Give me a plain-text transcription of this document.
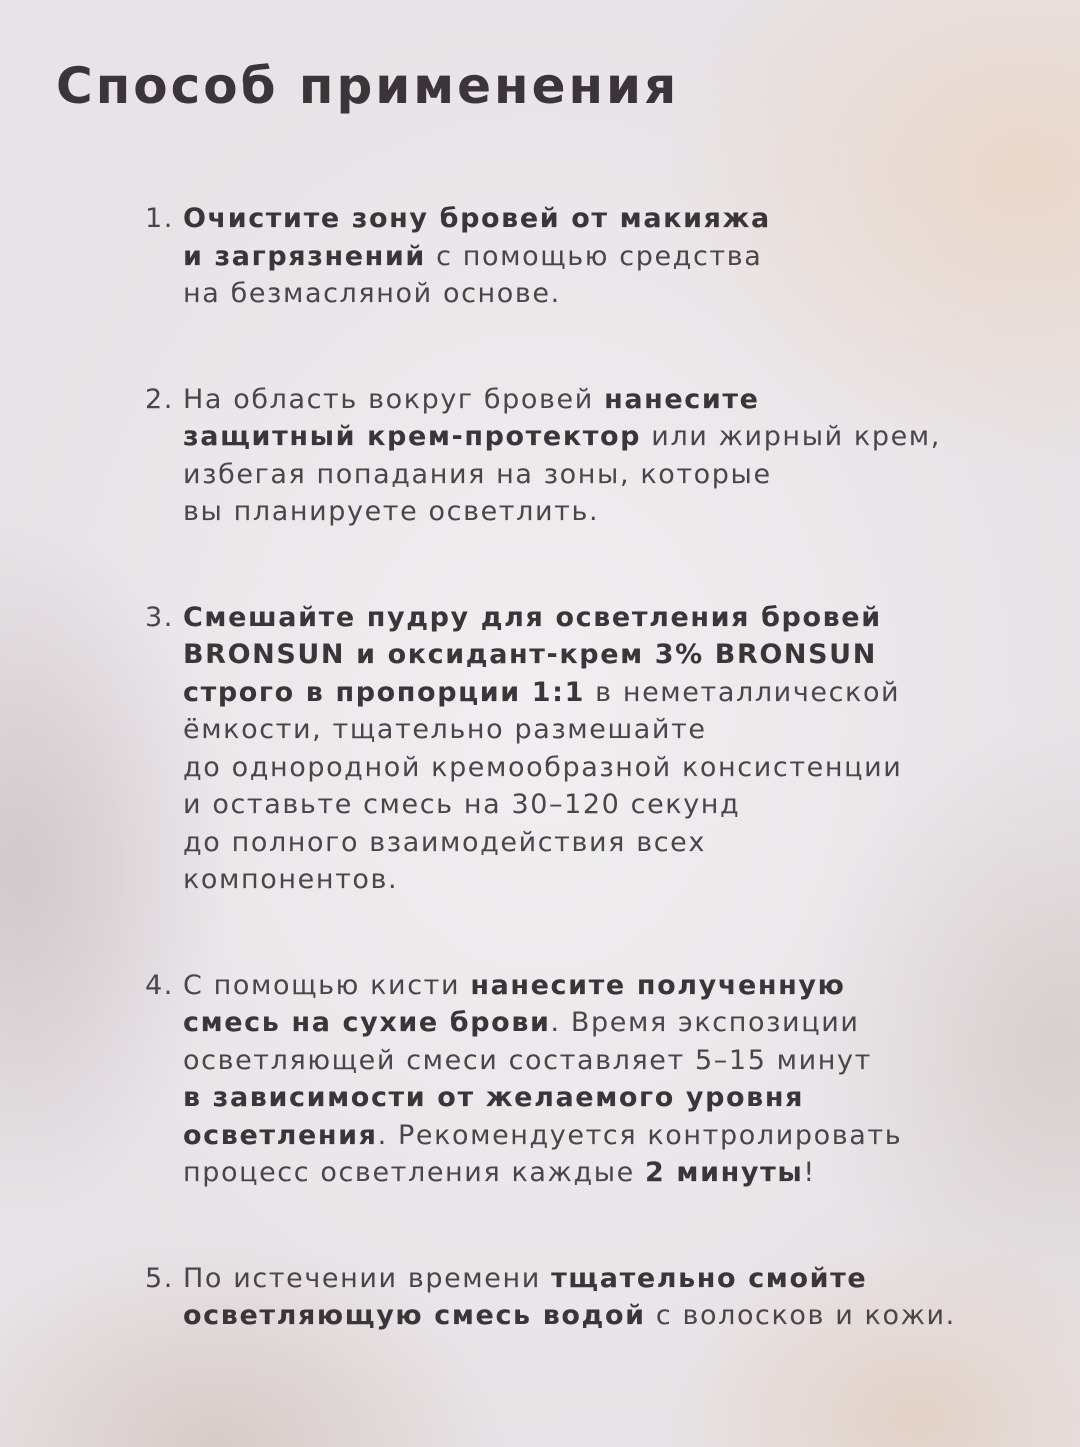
Способ применения
1. Очистите зону бровей от макияжа
и загрязнений с помощью средства
на безмасляной основе.
2. На область вокруг бровей нанесите
защитный крем-протектор или жирный крем,
избегая попадания на зоны, которые
вы планируете осветлить.
3. Смешайте пудру для осветления бровей
BRONSUN и оксидант-крем 3% BRONSUN
строго в пропорции 1:1 в неметаллической
ёмкости, тщательно размешайте
до однородной кремообразной консистенции
и оставьте смесь на 30–120 секунд
до полного взаимодействия всех
компонентов.
4. С помощью кисти нанесите полученную
смесь на сухие брови. Время экспозиции
осветляющей смеси составляет 5–15 минут
в зависимости от желаемого уровня
осветления. Рекомендуется контролировать
процесс осветления каждые 2 минуты!
5. По истечении времени тщательно смойте
осветляющую смесь водой с волосков и кожи.
